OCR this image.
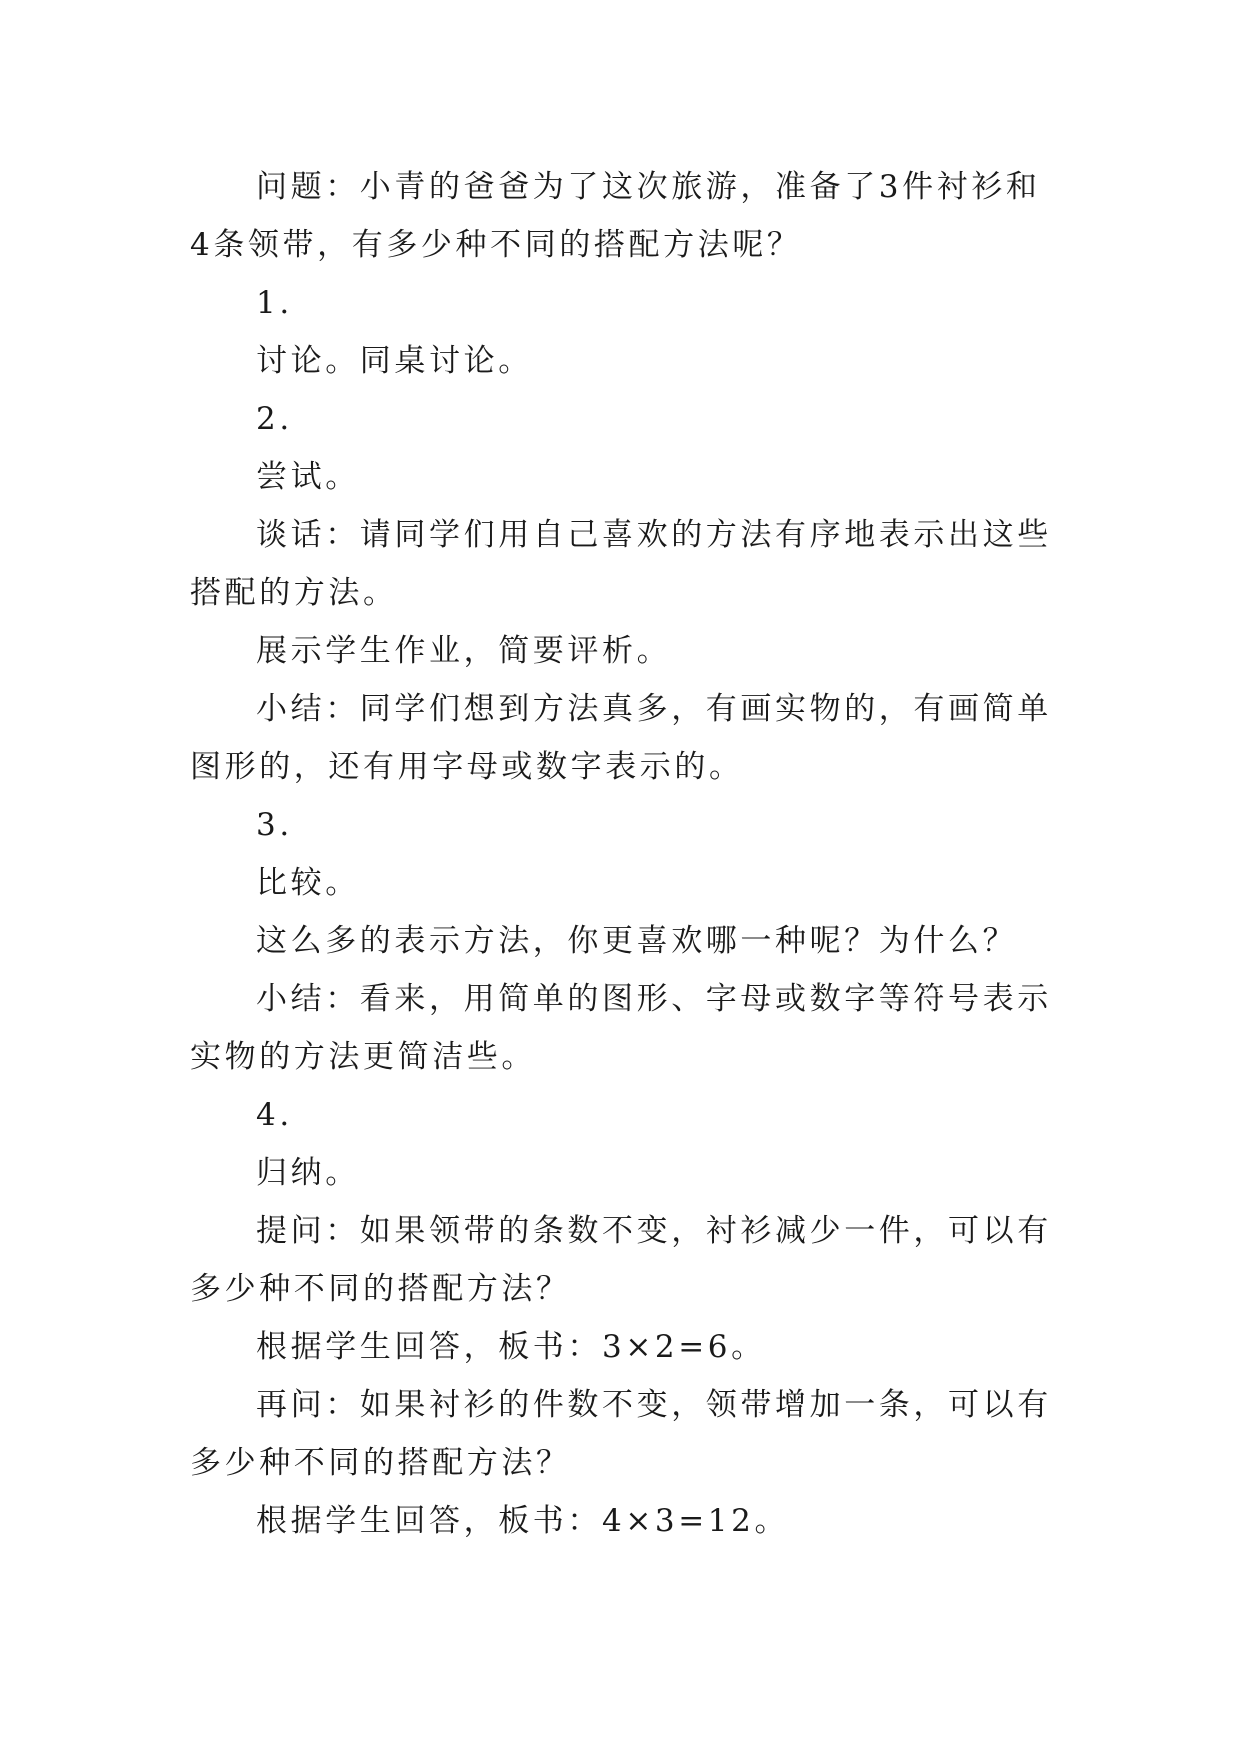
问题：小青的爸爸为了这次旅游，准备了3件衬衫和4条领带，有多少种不同的搭配方法呢？

1.

讨论。同桌讨论。

2.

尝试。

谈话：请同学们用自己喜欢的方法有序地表示出这些搭配的方法。

展示学生作业，简要评析。

小结：同学们想到方法真多，有画实物的，有画简单图形的，还有用字母或数字表示的。

3.

比较。

这么多的表示方法，你更喜欢哪一种呢？为什么？

小结：看来，用简单的图形、字母或数字等符号表示实物的方法更简洁些。

4.

归纳。

提问：如果领带的条数不变，衬衫减少一件，可以有多少种不同的搭配方法？

根据学生回答，板书：3×2=6。

再问：如果衬衫的件数不变，领带增加一条，可以有多少种不同的搭配方法？

根据学生回答，板书：4×3=12。
